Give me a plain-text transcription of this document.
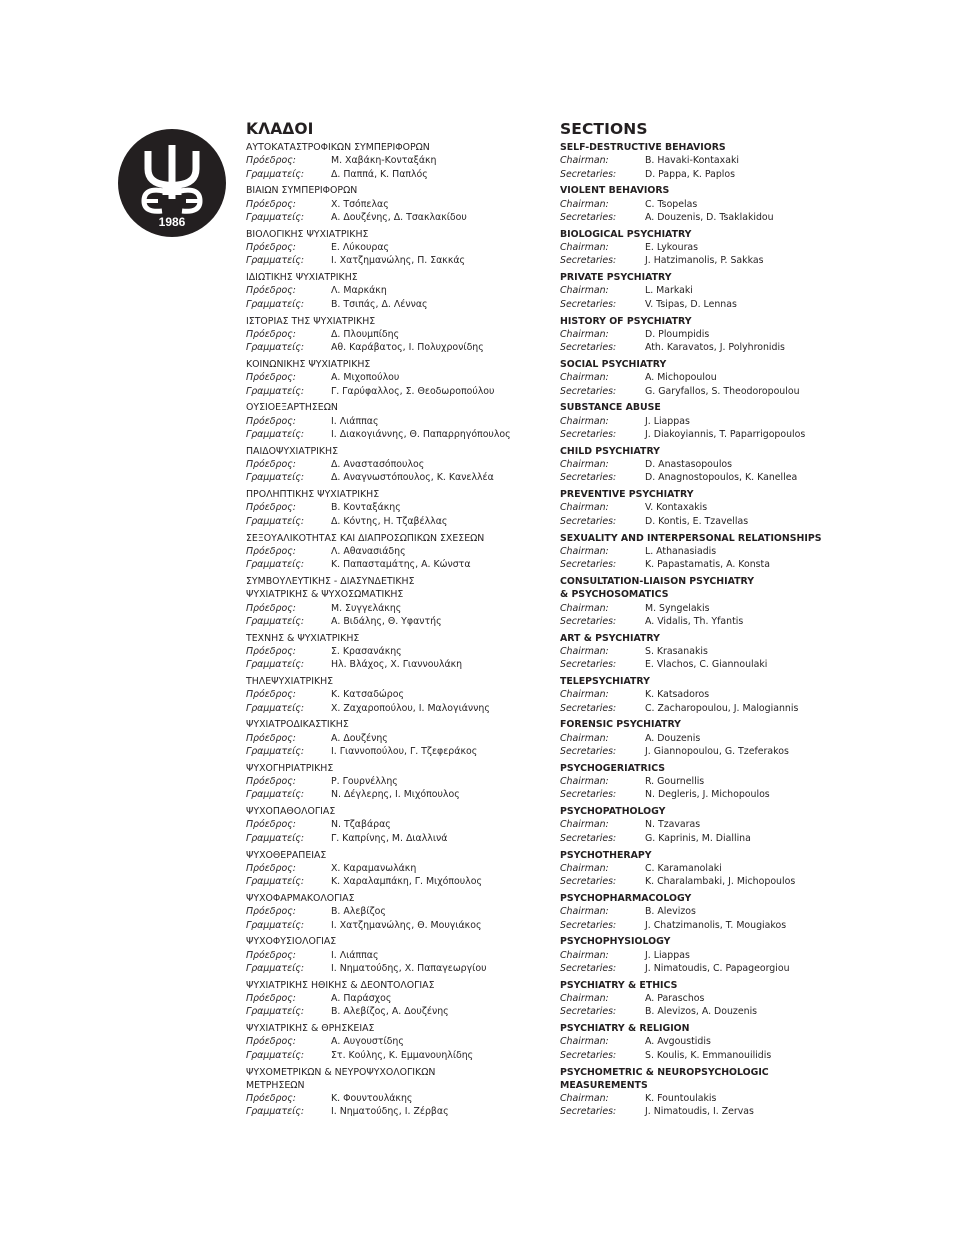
1986
ΚΛΑΔΟΙ
ΑΥΤΟΚΑΤΑΣΤΡΟΦΙΚΩΝ ΣΥΜΠΕΡΙΦΟΡΩΝ
Πρόεδρος:	Μ. Χαβάκη-Κονταξάκη
Γραμματείς:	Δ. Παππά, Κ. Παπλός
ΒΙΑΙΩΝ ΣΥΜΠΕΡΙΦΟΡΩΝ
Πρόεδρος:	Χ. Τσόπελας
Γραμματείς:	Α. Δουζένης, Δ. Τσακλακίδου
ΒΙΟΛΟΓΙΚΗΣ ΨΥΧΙΑΤΡΙΚΗΣ
Πρόεδρος:	Ε. Λύκουρας
Γραμματείς:	Ι. Χατζημανώλης, Π. Σακκάς
ΙΔΙΩΤΙΚΗΣ ΨΥΧΙΑΤΡΙΚΗΣ
Πρόεδρος:	Λ. Μαρκάκη
Γραμματείς:	Β. Τσιπάς, Δ. Λέννας
ΙΣΤΟΡΙΑΣ ΤΗΣ ΨΥΧΙΑΤΡΙΚΗΣ
Πρόεδρος:	Δ. Πλουμπίδης
Γραμματείς:	Αθ. Καράβατος, Ι. Πολυχρονίδης
ΚΟΙΝΩΝΙΚΗΣ ΨΥΧΙΑΤΡΙΚΗΣ
Πρόεδρος:	Α. Μιχοπούλου
Γραμματείς:	Γ. Γαρύφαλλος, Σ. Θεοδωροπούλου
ΟΥΣΙΟΕΞΑΡΤΗΣΕΩΝ
Πρόεδρος:	Ι. Λιάππας
Γραμματείς:	Ι. Διακογιάννης, Θ. Παπαρρηγόπουλος
ΠΑΙΔΟΨΥΧΙΑΤΡΙΚΗΣ
Πρόεδρος:	Δ. Αναστασόπουλος
Γραμματείς:	Δ. Αναγνωστόπουλος, Κ. Κανελλέα
ΠΡΟΛΗΠΤΙΚΗΣ ΨΥΧΙΑΤΡΙΚΗΣ
Πρόεδρος:	Β. Κονταξάκης
Γραμματείς:	Δ. Κόντης, Η. Τζαβέλλας
ΣΕΞΟΥΑΛΙΚΟΤΗΤΑΣ ΚΑΙ ΔΙΑΠΡΟΣΩΠΙΚΩΝ ΣΧΕΣΕΩΝ
Πρόεδρος:	Λ. Αθανασιάδης
Γραμματείς:	Κ. Παπασταμάτης, Α. Κώνστα
ΣΥΜΒΟΥΛΕΥΤΙΚΗΣ - ΔΙΑΣΥΝΔΕΤΙΚΗΣ
ΨΥΧΙΑΤΡΙΚΗΣ & ΨΥΧΟΣΩΜΑΤΙΚΗΣ
Πρόεδρος:	Μ. Συγγελάκης
Γραμματείς:	Α. Βιδάλης, Θ. Υφαντής
ΤΕΧΝΗΣ & ΨΥΧΙΑΤΡΙΚΗΣ
Πρόεδρος:	Σ. Κρασανάκης
Γραμματείς:	Ηλ. Βλάχος, Χ. Γιαννουλάκη
ΤΗΛΕΨΥΧΙΑΤΡΙΚΗΣ
Πρόεδρος:	Κ. Κατσαδώρος
Γραμματείς:	Χ. Ζαχαροπούλου, Ι. Μαλογιάννης
ΨΥΧΙΑΤΡΟΔΙΚΑΣΤΙΚΗΣ
Πρόεδρος:	Α. Δουζένης
Γραμματείς:	Ι. Γιαννοπούλου, Γ. Τζεφεράκος
ΨΥΧΟΓΗΡΙΑΤΡΙΚΗΣ
Πρόεδρος:	Ρ. Γουρνέλλης
Γραμματείς:	Ν. Δέγλερης, Ι. Μιχόπουλος
ΨΥΧΟΠΑΘΟΛΟΓΙΑΣ
Πρόεδρος:	Ν. Τζαβάρας
Γραμματείς:	Γ. Καπρίνης, Μ. Διαλλινά
ΨΥΧΟΘΕΡΑΠΕΙΑΣ
Πρόεδρος:	Χ. Καραμανωλάκη
Γραμματείς:	Κ. Χαραλαμπάκη, Γ. Μιχόπουλος
ΨΥΧΟΦΑΡΜΑΚΟΛΟΓΙΑΣ
Πρόεδρος:	Β. Αλεβίζος
Γραμματείς:	Ι. Χατζημανώλης, Θ. Μουγιάκος
ΨΥΧΟΦΥΣΙΟΛΟΓΙΑΣ
Πρόεδρος:	Ι. Λιάππας
Γραμματείς:	Ι. Νηματούδης, Χ. Παπαγεωργίου
ΨΥΧΙΑΤΡΙΚΗΣ ΗΘΙΚΗΣ & ΔΕΟΝΤΟΛΟΓΙΑΣ
Πρόεδρος:	Α. Παράσχος
Γραμματείς:	Β. Αλεβίζος, Α. Δουζένης
ΨΥΧΙΑΤΡΙΚΗΣ & ΘΡΗΣΚΕΙΑΣ
Πρόεδρος:	Α. Αυγουστίδης
Γραμματείς:	Στ. Κούλης, Κ. Εμμανουηλίδης
ΨΥΧΟΜΕΤΡΙΚΩΝ & ΝΕΥΡΟΨΥΧΟΛΟΓΙΚΩΝ
ΜΕΤΡΗΣΕΩΝ
Πρόεδρος:	Κ. Φουντουλάκης
Γραμματείς:	Ι. Νηματούδης, Ι. Ζέρβας
SECTIONS
SELF-DESTRUCTIVE BEHAVIORS
Chairman:	B. Havaki-Kontaxaki
Secretaries:	D. Pappa, K. Paplos
VIOLENT BEHAVIORS
Chairman:	C. Tsopelas
Secretaries:	A. Douzenis, D. Tsaklakidou
BIOLOGICAL PSYCHIATRY
Chairman:	E. Lykouras
Secretaries:	J. Hatzimanolis, P. Sakkas
PRIVATE PSYCHIATRY
Chairman:	L. Markaki
Secretaries:	V. Tsipas, D. Lennas
HISTORY OF PSYCHIATRY
Chairman:	D. Ploumpidis
Secretaries:	Ath. Karavatos, J. Polyhronidis
SOCIAL PSYCHIATRY
Chairman:	A. Michopoulou
Secretaries:	G. Garyfallos, S. Theodoropoulou
SUBSTANCE ABUSE
Chairman:	J. Liappas
Secretaries:	J. Diakoyiannis, T. Paparrigopoulos
CHILD PSYCHIATRY
Chairman:	D. Anastasopoulos
Secretaries:	D. Anagnostopoulos, K. Kanellea
PREVENTIVE PSYCHIATRY
Chairman:	V. Kontaxakis
Secretaries:	D. Kontis, E. Tzavellas
SEXUALITY AND INTERPERSONAL RELATIONSHIPS
Chairman:	L. Athanasiadis
Secretaries:	K. Papastamatis, A. Konsta
CONSULTATION-LIAISON PSYCHIATRY
& PSYCHOSOMATICS
Chairman:	M. Syngelakis
Secretaries:	A. Vidalis, Th. Yfantis
ART & PSYCHIATRY
Chairman:	S. Krasanakis
Secretaries:	E. Vlachos, C. Giannoulaki
TELEPSYCHIATRY
Chairman:	K. Katsadoros
Secretaries:	C. Zacharopoulou, J. Malogiannis
FORENSIC PSYCHIATRY
Chairman:	A. Douzenis
Secretaries:	J. Giannopoulou, G. Tzeferakos
PSYCHOGERIATRICS
Chairman:	R. Gournellis
Secretaries:	N. Degleris, J. Michopoulos
PSYCHOPATHOLOGY
Chairman:	N. Tzavaras
Secretaries:	G. Kaprinis, M. Diallina
PSYCHOTHERAPY
Chairman:	C. Karamanolaki
Secretaries:	K. Charalambaki, J. Michopoulos
PSYCHOPHARMACOLOGY
Chairman:	B. Alevizos
Secretaries:	J. Chatzimanolis, T. Mougiakos
PSYCHOPHYSIOLOGY
Chairman:	J. Liappas
Secretaries:	J. Nimatoudis, C. Papageorgiou
PSYCHIATRY & ETHICS
Chairman:	A. Paraschos
Secretaries:	B. Alevizos, A. Douzenis
PSYCHIATRY & RELIGION
Chairman:	A. Avgoustidis
Secretaries:	S. Koulis, K. Emmanouilidis
PSYCHOMETRIC & NEUROPSYCHOLOGIC
MEASUREMENTS
Chairman:	K. Fountoulakis
Secretaries:	J. Nimatoudis, I. Zervas
